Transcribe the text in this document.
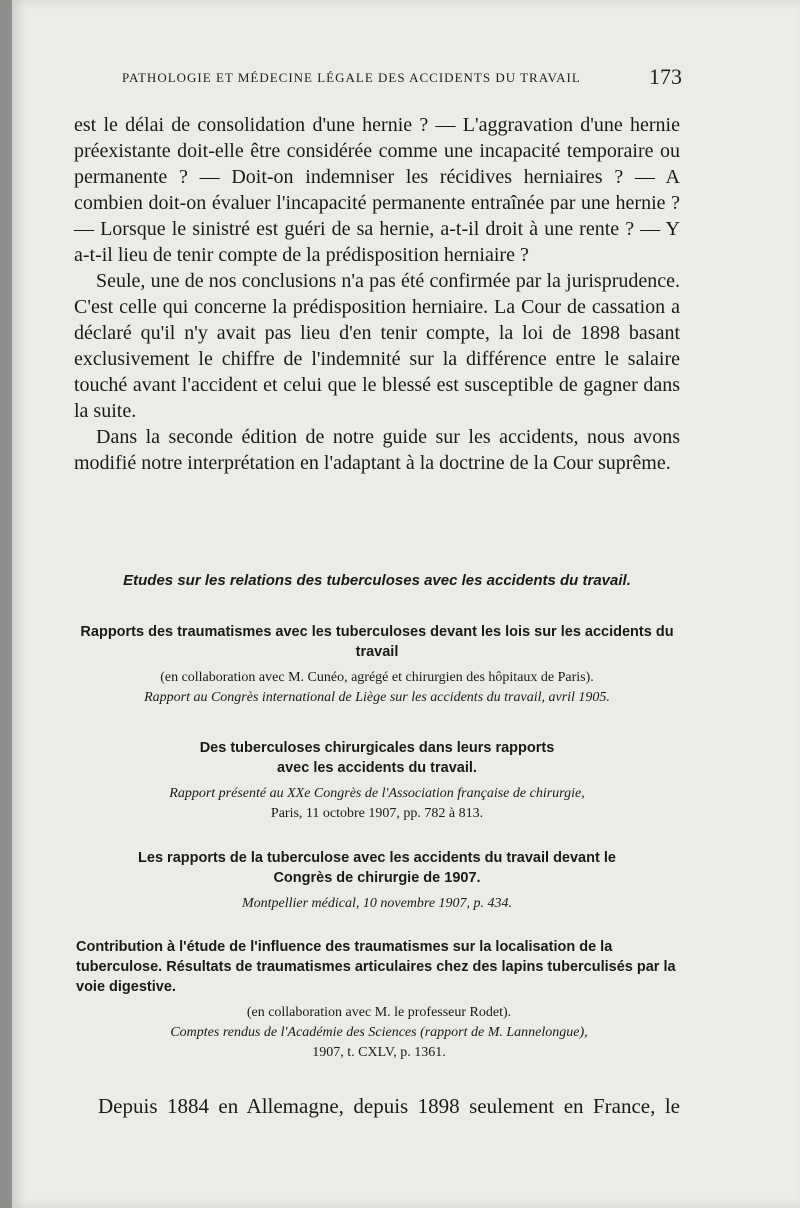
PATHOLOGIE ET MÉDECINE LÉGALE DES ACCIDENTS DU TRAVAIL	173

est le délai de consolidation d'une hernie ? — L'aggravation d'une hernie préexistante doit-elle être considérée comme une incapacité temporaire ou permanente ? — Doit-on indemniser les récidives herniaires ? — A combien doit-on évaluer l'incapacité permanente entraînée par une hernie ? — Lorsque le sinistré est guéri de sa hernie, a-t-il droit à une rente ? — Y a-t-il lieu de tenir compte de la prédisposition herniaire ?

Seule, une de nos conclusions n'a pas été confirmée par la jurisprudence. C'est celle qui concerne la prédisposition herniaire. La Cour de cassation a déclaré qu'il n'y avait pas lieu d'en tenir compte, la loi de 1898 basant exclusivement le chiffre de l'indemnité sur la différence entre le salaire touché avant l'accident et celui que le blessé est susceptible de gagner dans la suite.

Dans la seconde édition de notre guide sur les accidents, nous avons modifié notre interprétation en l'adaptant à la doctrine de la Cour suprême.

Etudes sur les relations des tuberculoses avec les accidents du travail.
Rapports des traumatismes avec les tuberculoses devant les lois sur les accidents du travail
(en collaboration avec M. Cunéo, agrégé et chirurgien des hôpitaux de Paris).
Rapport au Congrès international de Liège sur les accidents du travail, avril 1905.
Des tuberculoses chirurgicales dans leurs rapports avec les accidents du travail.
Rapport présenté au XXe Congrès de l'Association française de chirurgie,
Paris, 11 octobre 1907, pp. 782 à 813.
Les rapports de la tuberculose avec les accidents du travail devant le Congrès de chirurgie de 1907.
Montpellier médical, 10 novembre 1907, p. 434.
Contribution à l'étude de l'influence des traumatismes sur la localisation de la tuberculose. Résultats de traumatismes articulaires chez des lapins tuberculisés par la voie digestive.
(en collaboration avec M. le professeur Rodet).
Comptes rendus de l'Académie des Sciences (rapport de M. Lannelongue),
1907, t. CXLV, p. 1361.
Depuis 1884 en Allemagne, depuis 1898 seulement en France, le
